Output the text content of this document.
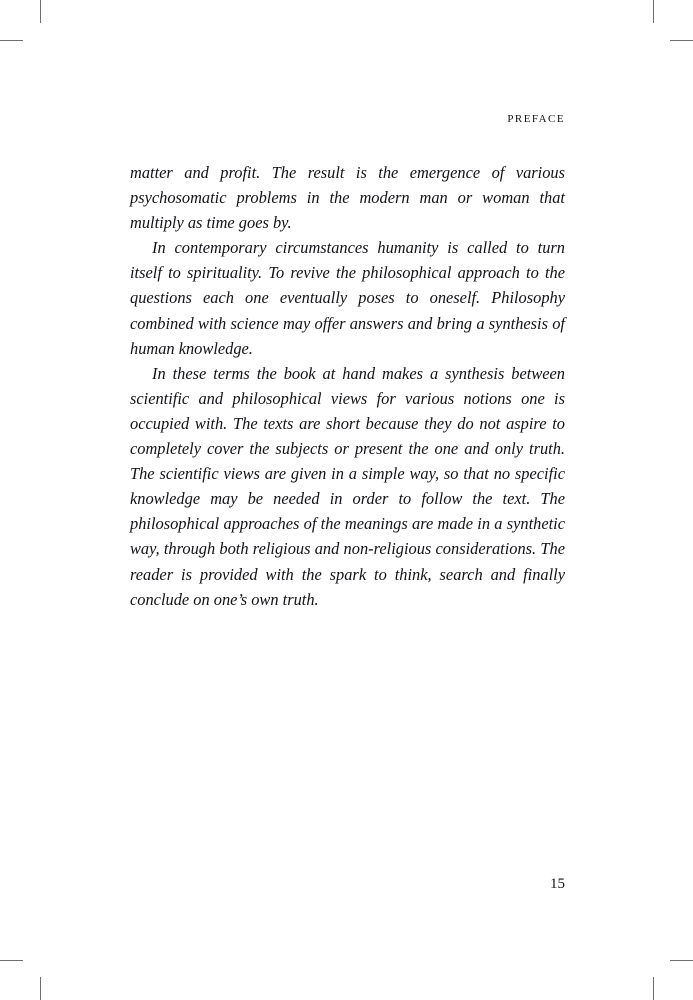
PREFACE

matter and profit. The result is the emergence of various psychosomatic problems in the modern man or woman that multiply as time goes by.

In contemporary circumstances humanity is called to turn itself to spirituality. To revive the philosophical approach to the questions each one eventually poses to oneself. Philosophy combined with science may offer answers and bring a synthesis of human knowledge.

In these terms the book at hand makes a synthesis between scientific and philosophical views for various notions one is occupied with. The texts are short because they do not aspire to completely cover the subjects or present the one and only truth. The scientific views are given in a simple way, so that no specific knowledge may be needed in order to follow the text. The philosophical approaches of the meanings are made in a synthetic way, through both religious and non-religious considerations. The reader is provided with the spark to think, search and finally conclude on one’s own truth.

15
